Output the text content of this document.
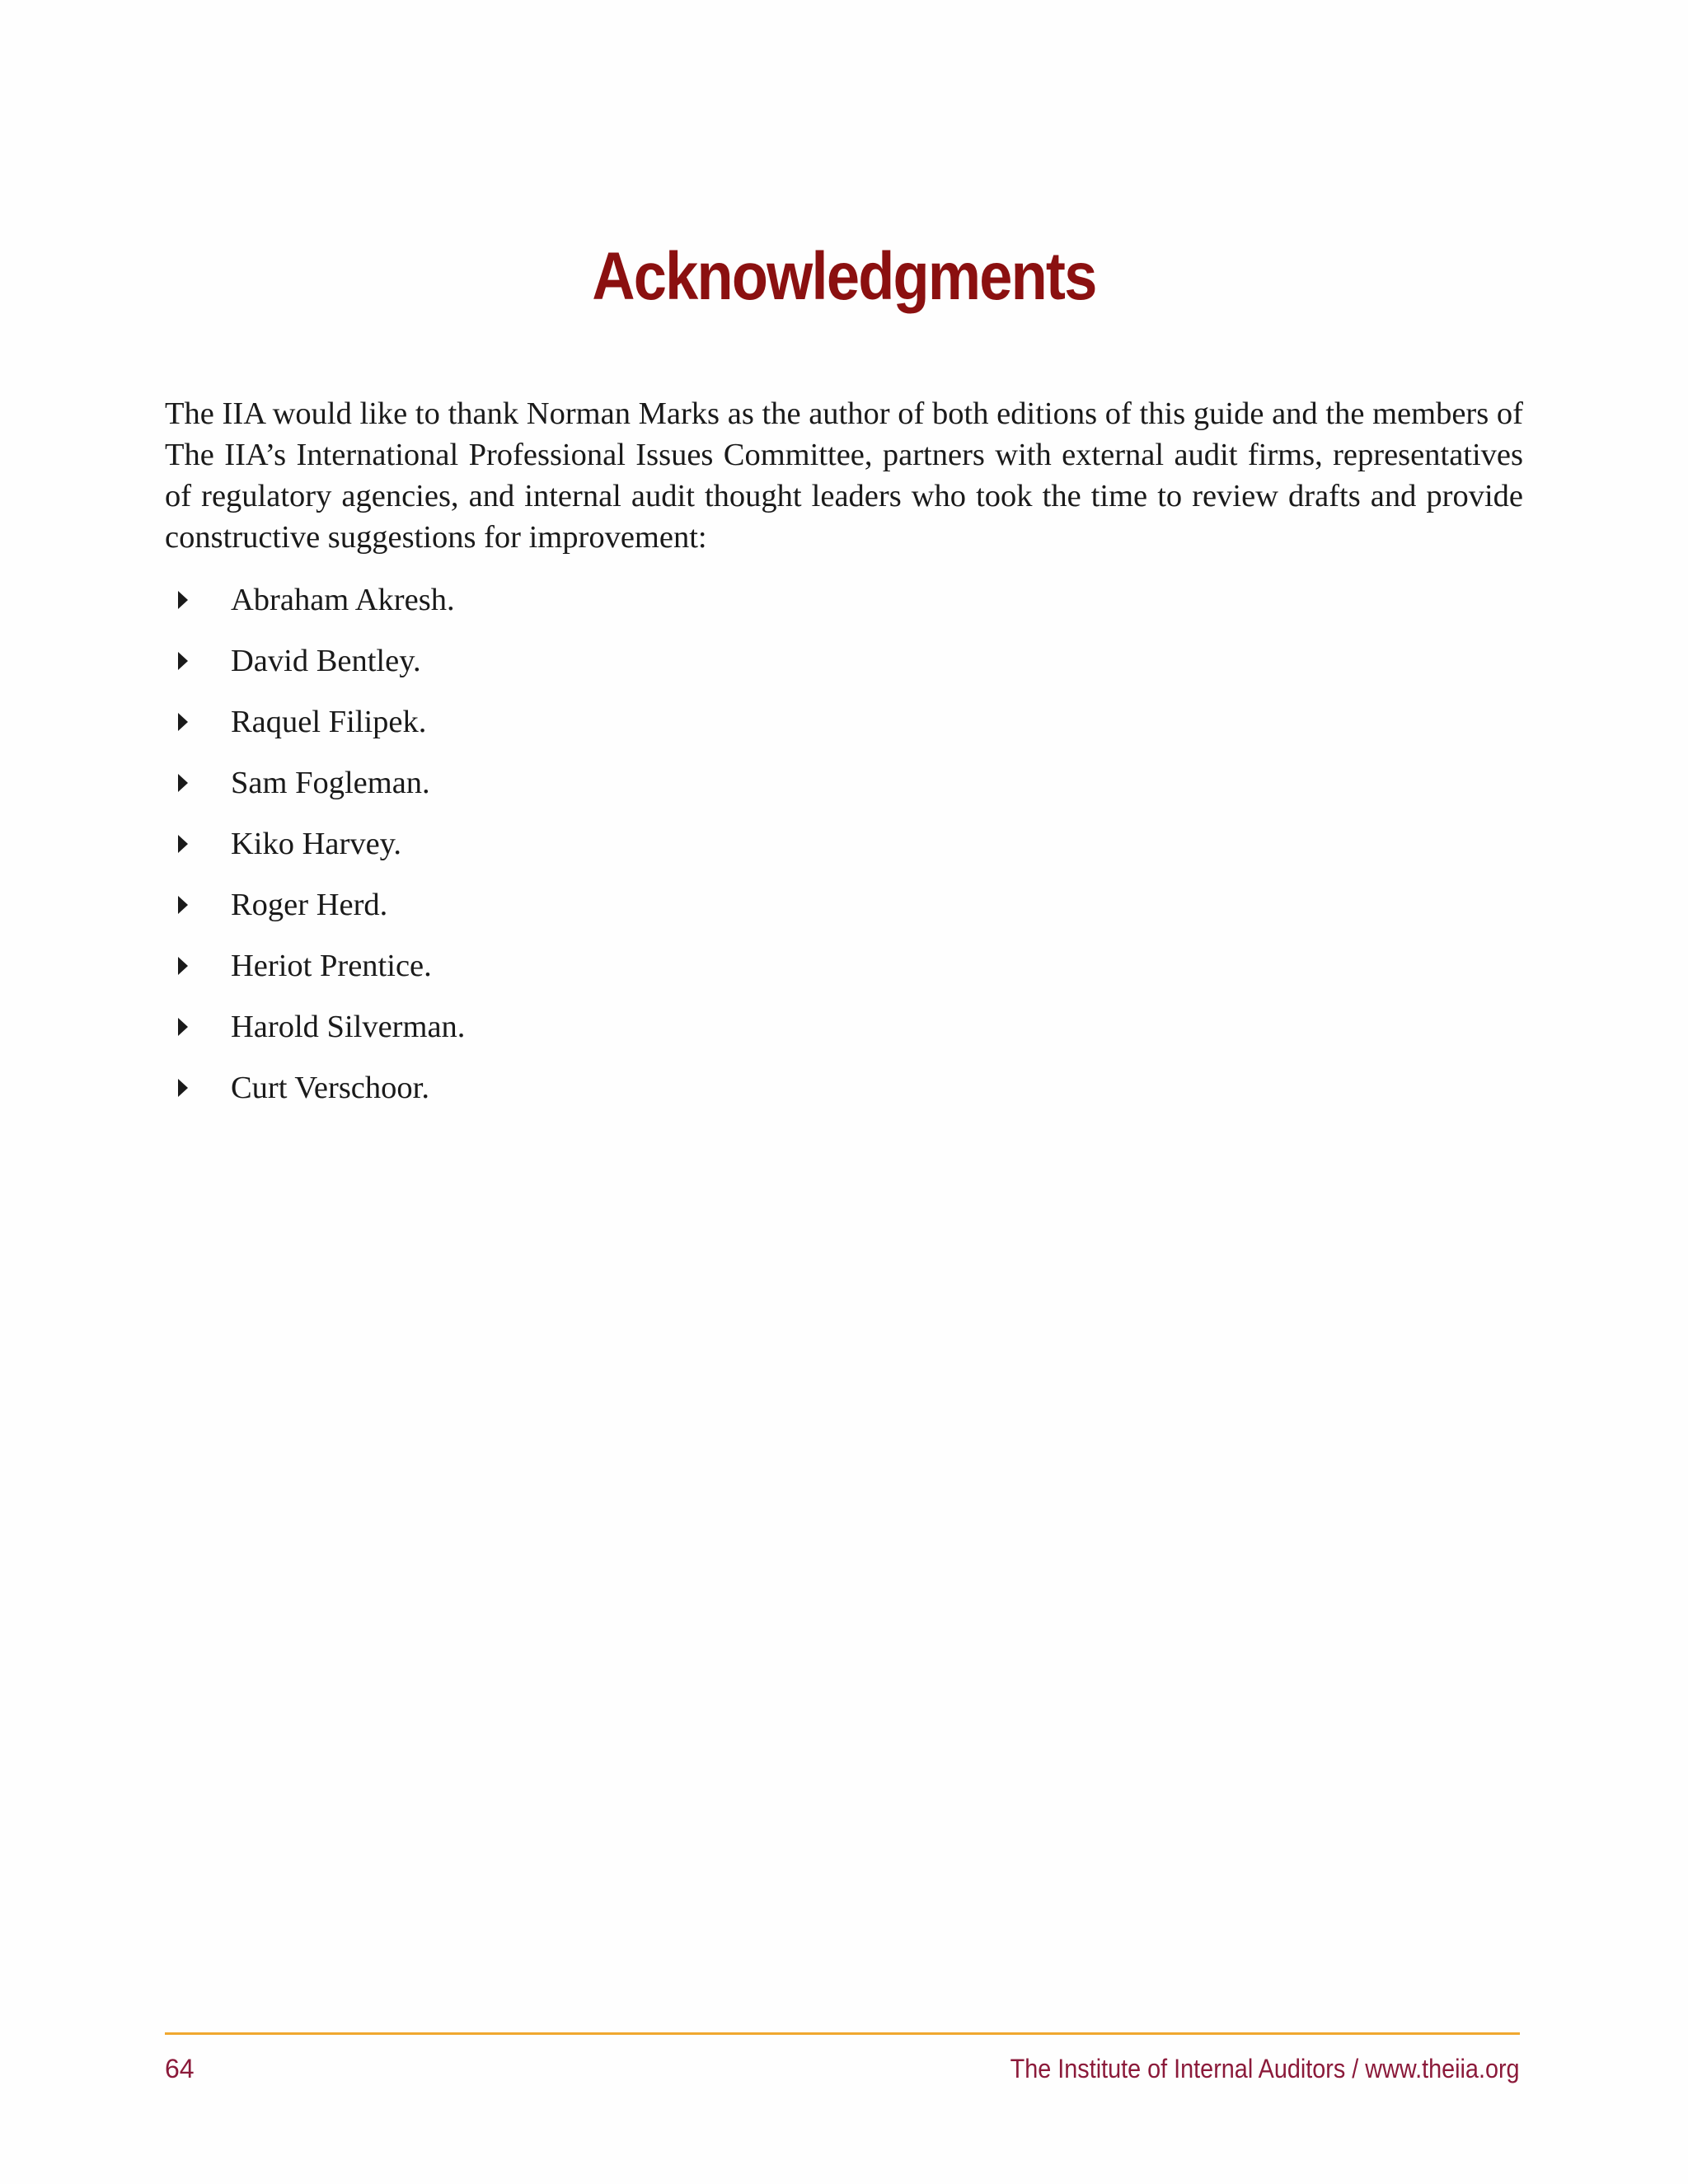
Acknowledgments

The IIA would like to thank Norman Marks as the author of both editions of this guide and the members of The IIA’s International Professional Issues Committee, partners with external audit firms, representatives of regulatory agencies, and internal audit thought leaders who took the time to review drafts and provide constructive suggestions for improvement:

Abraham Akresh.
David Bentley.
Raquel Filipek.
Sam Fogleman.
Kiko Harvey.
Roger Herd.
Heriot Prentice.
Harold Silverman.
Curt Verschoor.
64	The Institute of Internal Auditors / www.theiia.org
